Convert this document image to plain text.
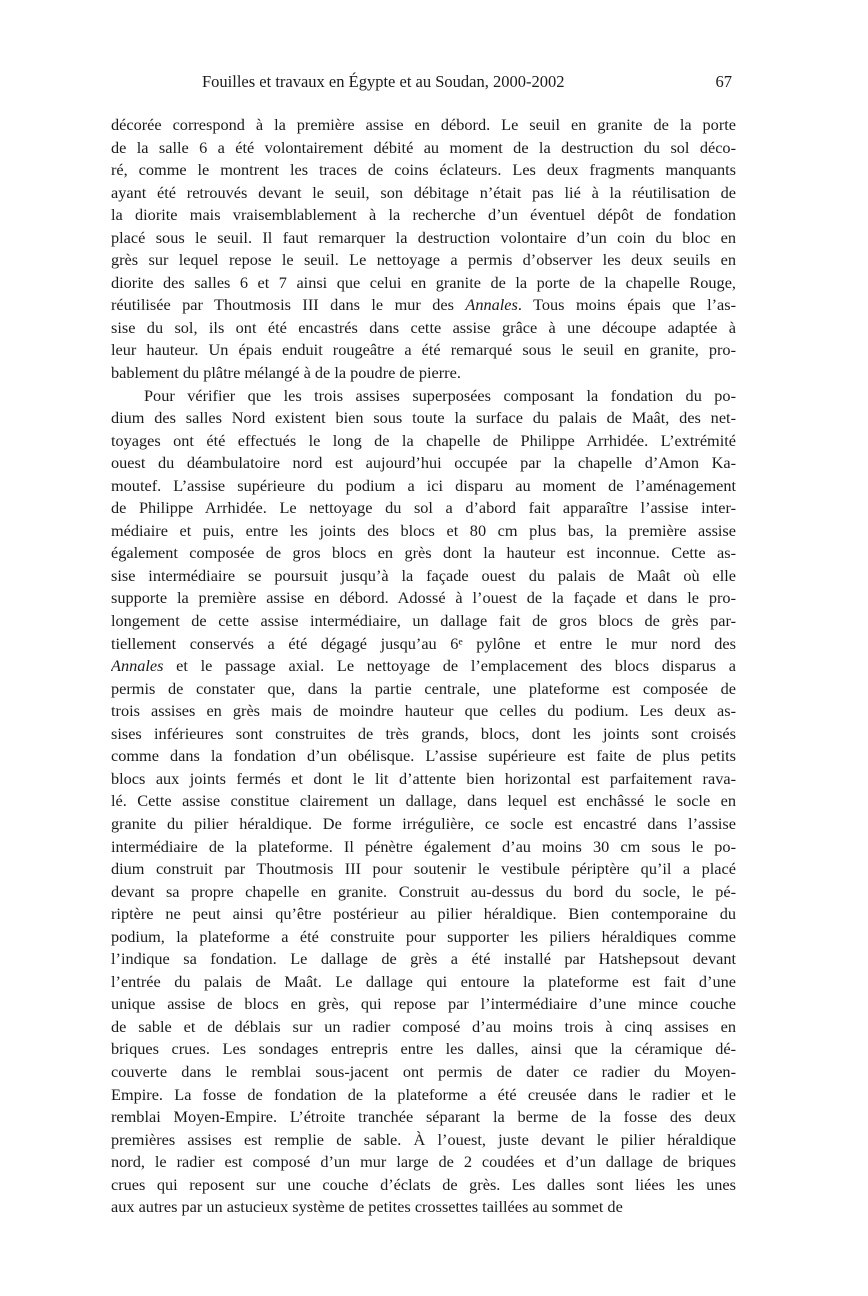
Fouilles et travaux en Égypte et au Soudan, 2000-2002	67
décorée correspond à la première assise en débord. Le seuil en granite de la porte
de la salle 6 a été volontairement débité au moment de la destruction du sol déco-
ré, comme le montrent les traces de coins éclateurs. Les deux fragments manquants
ayant été retrouvés devant le seuil, son débitage n’était pas lié à la réutilisation de
la diorite mais vraisemblablement à la recherche d’un éventuel dépôt de fondation
placé sous le seuil. Il faut remarquer la destruction volontaire d’un coin du bloc en
grès sur lequel repose le seuil. Le nettoyage a permis d’observer les deux seuils en
diorite des salles 6 et 7 ainsi que celui en granite de la porte de la chapelle Rouge,
réutilisée par Thoutmosis III dans le mur des Annales. Tous moins épais que l’as-
sise du sol, ils ont été encastrés dans cette assise grâce à une découpe adaptée à
leur hauteur. Un épais enduit rougeâtre a été remarqué sous le seuil en granite, pro-
bablement du plâtre mélangé à de la poudre de pierre.
Pour vérifier que les trois assises superposées composant la fondation du po-
dium des salles Nord existent bien sous toute la surface du palais de Maât, des net-
toyages ont été effectués le long de la chapelle de Philippe Arrhidée. L’extrémité
ouest du déambulatoire nord est aujourd’hui occupée par la chapelle d’Amon Ka-
moutef. L’assise supérieure du podium a ici disparu au moment de l’aménagement
de Philippe Arrhidée. Le nettoyage du sol a d’abord fait apparaître l’assise inter-
médiaire et puis, entre les joints des blocs et 80 cm plus bas, la première assise
également composée de gros blocs en grès dont la hauteur est inconnue. Cette as-
sise intermédiaire se poursuit jusqu’à la façade ouest du palais de Maât où elle
supporte la première assise en débord. Adossé à l’ouest de la façade et dans le pro-
longement de cette assise intermédiaire, un dallage fait de gros blocs de grès par-
tiellement conservés a été dégagé jusqu’au 6ᵉ pylône et entre le mur nord des
Annales et le passage axial. Le nettoyage de l’emplacement des blocs disparus a
permis de constater que, dans la partie centrale, une plateforme est composée de
trois assises en grès mais de moindre hauteur que celles du podium. Les deux as-
sises inférieures sont construites de très grands, blocs, dont les joints sont croisés
comme dans la fondation d’un obélisque. L’assise supérieure est faite de plus petits
blocs aux joints fermés et dont le lit d’attente bien horizontal est parfaitement rava-
lé. Cette assise constitue clairement un dallage, dans lequel est enchâssé le socle en
granite du pilier héraldique. De forme irrégulière, ce socle est encastré dans l’assise
intermédiaire de la plateforme. Il pénètre également d’au moins 30 cm sous le po-
dium construit par Thoutmosis III pour soutenir le vestibule périptère qu’il a placé
devant sa propre chapelle en granite. Construit au-dessus du bord du socle, le pé-
riptère ne peut ainsi qu’être postérieur au pilier héraldique. Bien contemporaine du
podium, la plateforme a été construite pour supporter les piliers héraldiques comme
l’indique sa fondation. Le dallage de grès a été installé par Hatshepsout devant
l’entrée du palais de Maât. Le dallage qui entoure la plateforme est fait d’une
unique assise de blocs en grès, qui repose par l’intermédiaire d’une mince couche
de sable et de déblais sur un radier composé d’au moins trois à cinq assises en
briques crues. Les sondages entrepris entre les dalles, ainsi que la céramique dé-
couverte dans le remblai sous-jacent ont permis de dater ce radier du Moyen-
Empire. La fosse de fondation de la plateforme a été creusée dans le radier et le
remblai Moyen-Empire. L’étroite tranchée séparant la berme de la fosse des deux
premières assises est remplie de sable. À l’ouest, juste devant le pilier héraldique
nord, le radier est composé d’un mur large de 2 coudées et d’un dallage de briques
crues qui reposent sur une couche d’éclats de grès. Les dalles sont liées les unes
aux autres par un astucieux système de petites crossettes taillées au sommet de
